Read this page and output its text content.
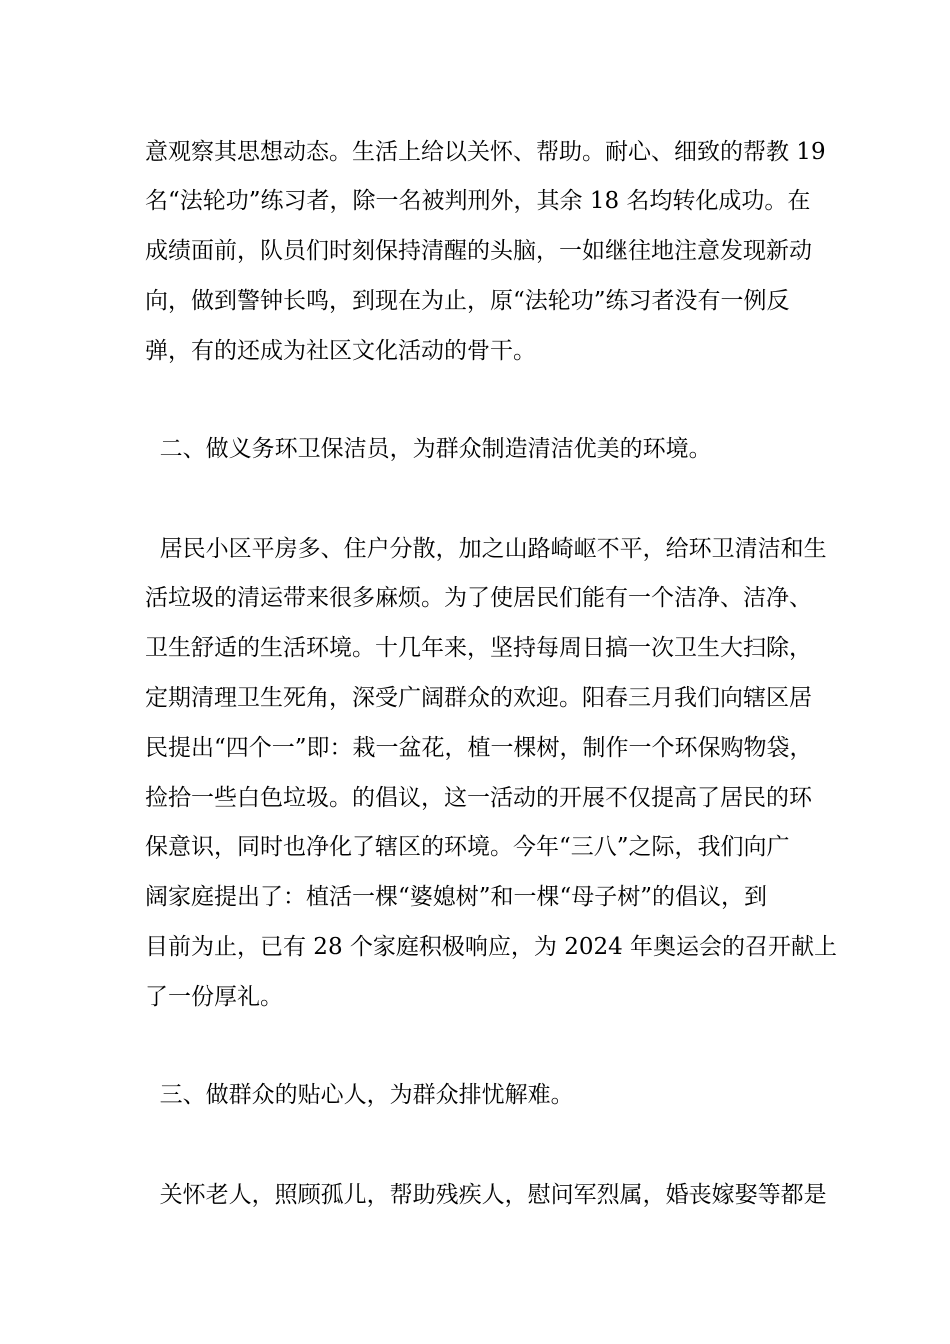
意观察其思想动态。生活上给以关怀、帮助。耐心、细致的帮教 19
名“法轮功”练习者，除一名被判刑外，其余 18 名均转化成功。在
成绩面前，队员们时刻保持清醒的头脑，一如继往地注意发现新动
向，做到警钟长鸣，到现在为止，原“法轮功”练习者没有一例反
弹，有的还成为社区文化活动的骨干。
二、做义务环卫保洁员，为群众制造清洁优美的环境。
居民小区平房多、住户分散，加之山路崎岖不平，给环卫清洁和生
活垃圾的清运带来很多麻烦。为了使居民们能有一个洁净、洁净、
卫生舒适的生活环境。十几年来，坚持每周日搞一次卫生大扫除，
定期清理卫生死角，深受广阔群众的欢迎。阳春三月我们向辖区居
民提出“四个一”即：栽一盆花，植一棵树，制作一个环保购物袋，
捡拾一些白色垃圾。的倡议，这一活动的开展不仅提高了居民的环
保意识，同时也净化了辖区的环境。今年“三八”之际，我们向广
阔家庭提出了：植活一棵“婆媳树”和一棵“母子树”的倡议，到
目前为止，已有 28 个家庭积极响应，为 2024 年奥运会的召开献上
了一份厚礼。
三、做群众的贴心人，为群众排忧解难。
关怀老人，照顾孤儿，帮助残疾人，慰问军烈属，婚丧嫁娶等都是
